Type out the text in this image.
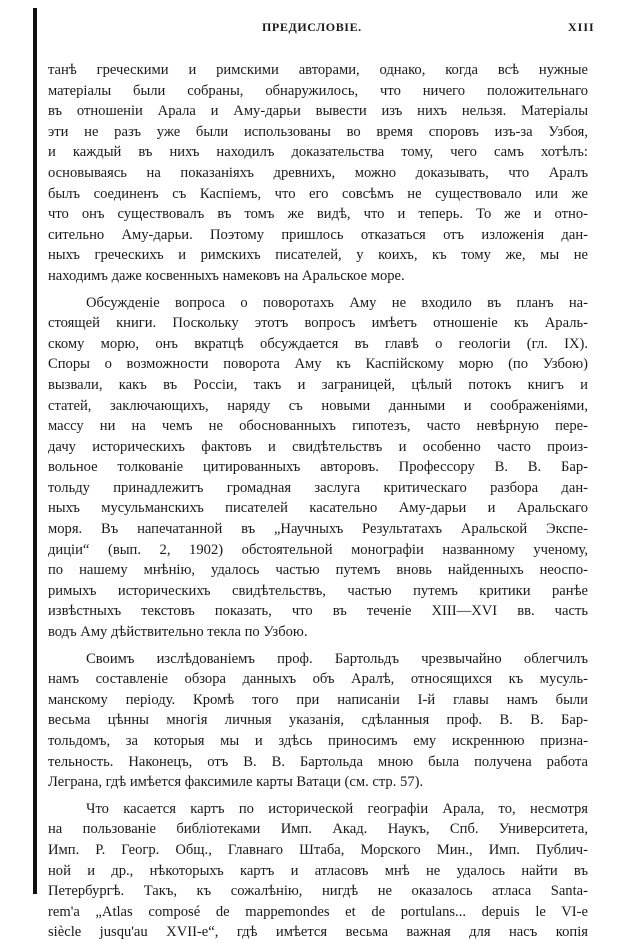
ПРЕДИСЛОВІЕ.	XIII
танѣ греческими и римскими авторами, однако, когда всѣ нужные
матеріалы были собраны, обнаружилось, что ничего положительнаго
въ отношеніи Арала и Аму-дарьи вывести изъ нихъ нельзя. Матеріалы
эти не разъ уже были использованы во время споровъ изъ-за Узбоя,
и каждый въ нихъ находилъ доказательства тому, чего самъ хотѣлъ:
основываясь на показаніяхъ древнихъ, можно доказывать, что Аралъ
былъ соединенъ съ Каспіемъ, что его совсѣмъ не существовало или же
что онъ существовалъ въ томъ же видѣ, что и теперь. То же и отно-
сительно Аму-дарьи. Поэтому пришлось отказаться отъ изложенія дан-
ныхъ греческихъ и римскихъ писателей, у коихъ, къ тому же, мы не
находимъ даже косвенныхъ намековъ на Аральское море.
Обсужденіе вопроса о поворотахъ Аму не входило въ планъ на-
стоящей книги. Поскольку этотъ вопросъ имѣетъ отношеніе къ Араль-
скому морю, онъ вкратцѣ обсуждается въ главѣ о геологіи (гл. IX).
Споры о возможности поворота Аму къ Каспійскому морю (по Узбою)
вызвали, какъ въ Россіи, такъ и заграницей, цѣлый потокъ книгъ и
статей, заключающихъ, наряду съ новыми данными и соображеніями,
массу ни на чемъ не обоснованныхъ гипотезъ, часто невѣрную пере-
дачу историческихъ фактовъ и свидѣтельствъ и особенно часто произ-
вольное толкованіе цитированныхъ авторовъ. Профессору В. В. Бар-
тольду принадлежитъ громадная заслуга критическаго разбора дан-
ныхъ мусульманскихъ писателей касательно Аму-дарьи и Аральскаго
моря. Въ напечатанной въ „Научныхъ Результатахъ Аральской Экспе-
диціи“ (вып. 2, 1902) обстоятельной монографіи названному ученому,
по нашему мнѣнію, удалось частью путемъ вновь найденныхъ неоспо-
римыхъ историческихъ свидѣтельствъ, частью путемъ критики ранѣе
извѣстныхъ текстовъ показать, что въ теченіе XIII—XVI вв. часть
водъ Аму дѣйствительно текла по Узбою.
Своимъ изслѣдованіемъ проф. Бартольдъ чрезвычайно облегчилъ
намъ составленіе обзора данныхъ объ Аралѣ, относящихся къ мусуль-
манскому періоду. Кромѣ того при написаніи I-й главы намъ были
весьма цѣнны многія личныя указанія, сдѣланныя проф. В. В. Бар-
тольдомъ, за которыя мы и здѣсь приносимъ ему искреннюю призна-
тельность. Наконецъ, отъ В. В. Бартольда мною была получена работа
Леграна, гдѣ имѣется факсимиле карты Ватаци (см. стр. 57).
Что касается картъ по исторической географіи Арала, то, несмотря
на пользованіе библіотеками Имп. Акад. Наукъ, Спб. Университета,
Имп. Р. Геогр. Общ., Главнаго Штаба, Морского Мин., Имп. Публич-
ной и др., нѣкоторыхъ картъ и атласовъ мнѣ не удалось найти въ
Петербургѣ. Такъ, къ сожалѣнію, нигдѣ не оказалось атласа Santa-
rem'a „Atlas composé de mappemondes et de portulans... depuis le VI-e
siècle jusqu'au XVII-e“, гдѣ имѣется весьма важная для насъ копія
